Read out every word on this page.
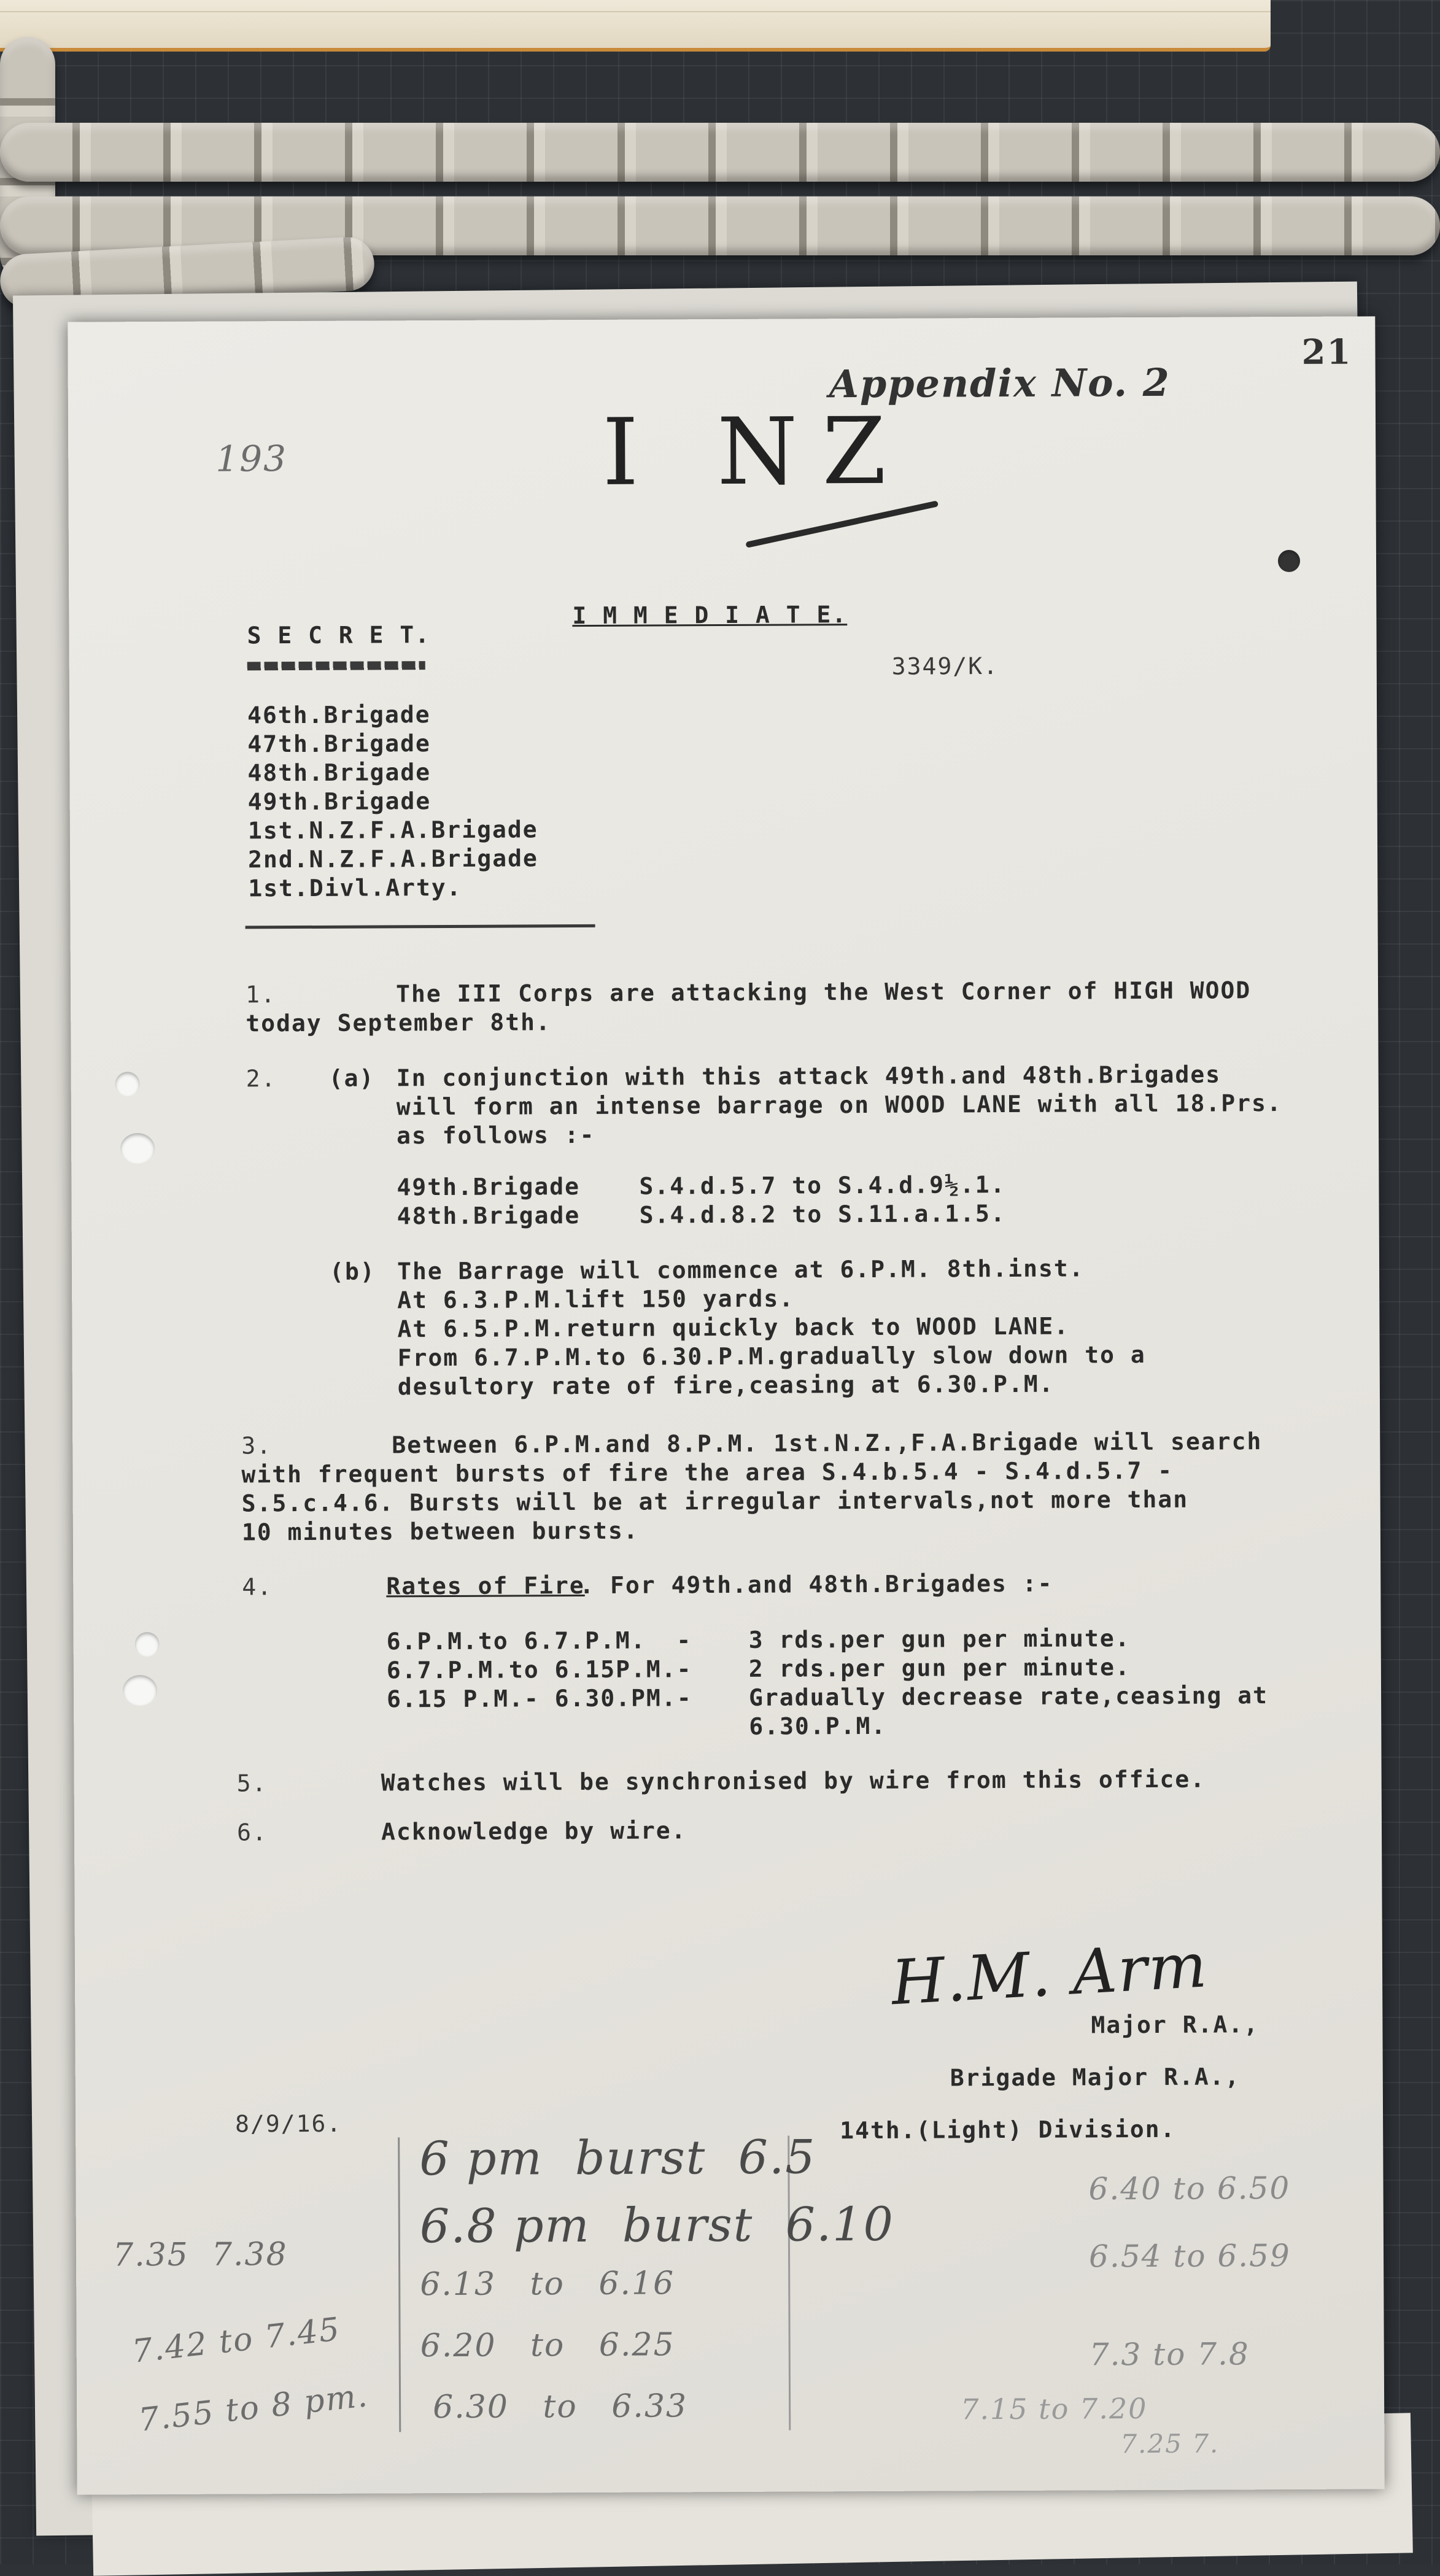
21
Appendix No. 2
193	I NZ
S E C R E T.
I M M E D I A T E.
3349/K.
46th.Brigade
47th.Brigade
48th.Brigade
49th.Brigade
1st.N.Z.F.A.Brigade
2nd.N.Z.F.A.Brigade
1st.Divl.Arty.
1.	The III Corps are attacking the West Corner of HIGH WOOD
today September 8th.
2. (a) In conjunction with this attack 49th.and 48th.Brigades
will form an intense barrage on WOOD LANE with all 18.Prs.
as follows :-
49th.Brigade	S.4.d.5.7 to S.4.d.9½.1.
48th.Brigade	S.4.d.8.2 to S.11.a.1.5.
(b) The Barrage will commence at 6.P.M. 8th.inst.
At 6.3.P.M.lift 150 yards.
At 6.5.P.M.return quickly back to WOOD LANE.
From 6.7.P.M.to 6.30.P.M.gradually slow down to a
desultory rate of fire,ceasing at 6.30.P.M.
3.	Between 6.P.M.and 8.P.M. 1st.N.Z.,F.A.Brigade will search
with frequent bursts of fire the area S.4.b.5.4 - S.4.d.5.7 -
S.5.c.4.6. Bursts will be at irregular intervals,not more than
10 minutes between bursts.
4.	Rates of Fire
. For 49th.and 48th.Brigades :-
6.P.M.to 6.7.P.M.  - 3 rds.per gun per minute.
6.7.P.M.to 6.15P.M.- 2 rds.per gun per minute.
6.15 P.M.- 6.30.PM.- Gradually decrease rate,ceasing at
6.30.P.M.
5.	Watches will be synchronised by wire from this office.
6.	Acknowledge by wire.
H.M. Arm
Major R.A.,
Brigade Major R.A.,
14th.(Light) Division.
8/9/16.
7.35  7.38
7.42 to 7.45
7.55 to 8 pm.
6 pm  burst  6.5
6.8 pm  burst  6.10
6.13   to   6.16
6.20   to   6.25
6.30   to   6.33
6.40 to 6.50
6.54 to 6.59
7.3 to 7.8
7.15 to 7.20
7.25 7.
